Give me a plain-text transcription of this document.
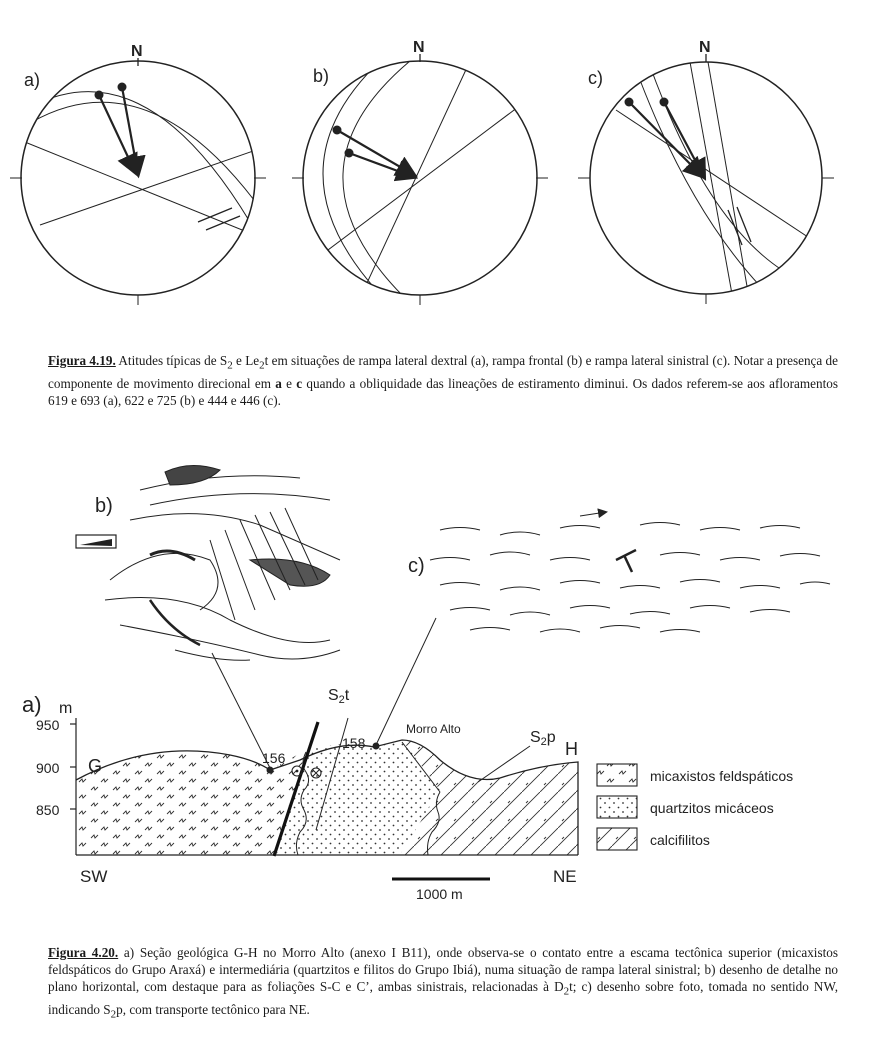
N
a)
N
b)
N
c)
b)
c)
a) m
950
900
850
S2t
S2p
156
158
Morro Alto
G
H
SW	NE
1000 m
micaxistos feldspáticos
quartzitos micáceos
calcifilitos
Figura 4.19. Atitudes típicas de $S_2$ e $Le_2t$ em situações de rampa lateral dextral (a), rampa frontal (b) e rampa lateral sinistral (c). Notar a presença de componente de movimento direcional em a e c quando a obliquidade das lineações de estiramento diminui. Os dados referem-se aos afloramentos 619 e 693 (a), 622 e 725 (b) e 444 e 446 (c).
Figura 4.20. a) Seção geológica G-H no Morro Alto (anexo I B11), onde observa-se o contato entre a escama tectônica superior (micaxistos feldspáticos do Grupo Araxá) e intermediária (quartzitos e filitos do Grupo Ibiá), numa situação de rampa lateral sinistral; b) desenho de detalhe no plano horizontal, com destaque para as foliações S-C e C’, ambas sinistrais, relacionadas à $D_2t$; c) desenho sobre foto, tomada no sentido NW, indicando $S_2p$, com transporte tectônico para NE.
